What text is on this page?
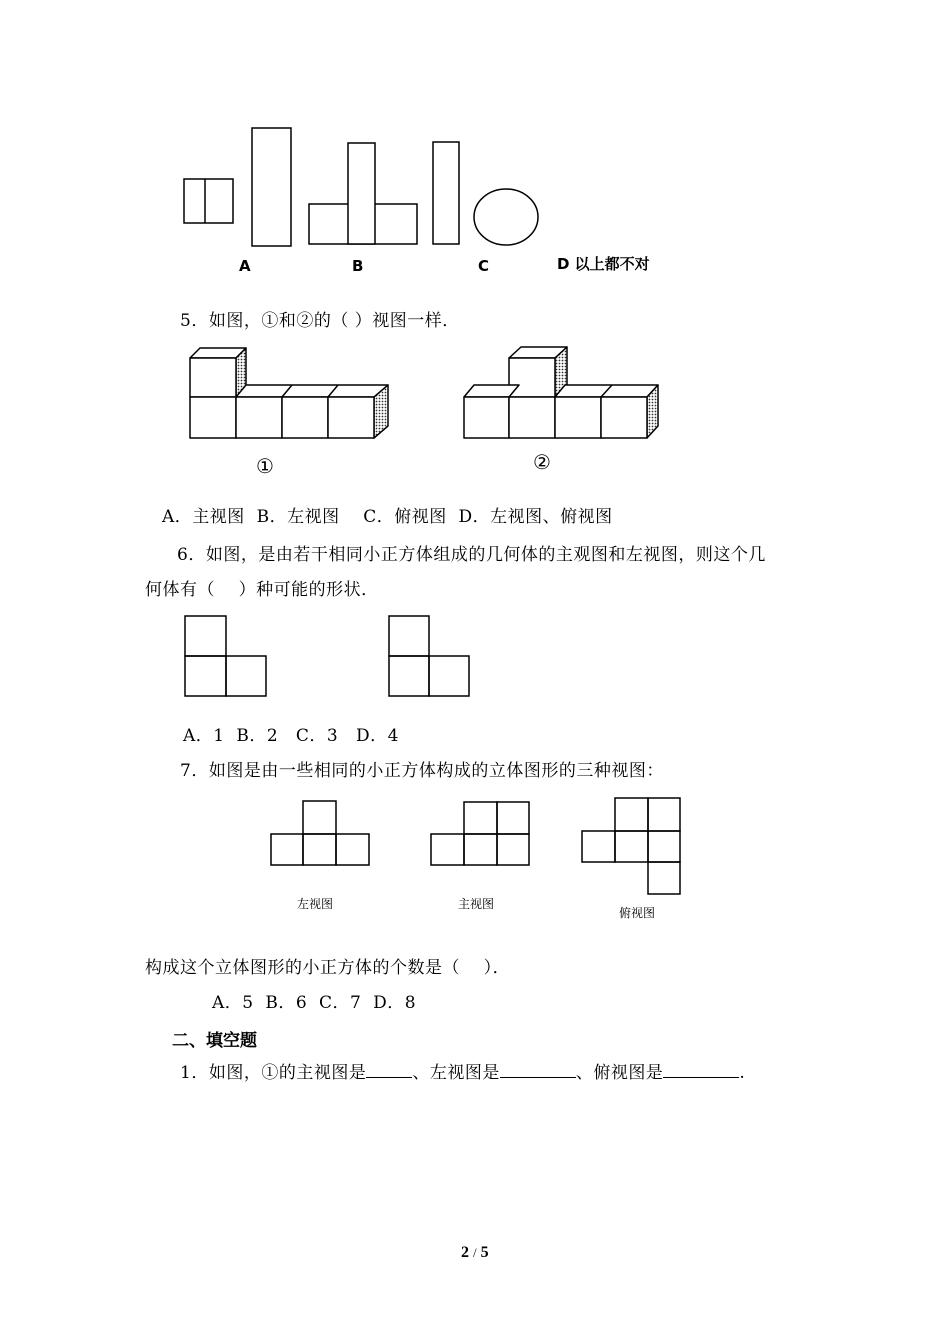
A	B	C	D 以上都不对
5．如图，①和②的（ ）视图一样．
①	②
A．主视图  B．左视图    C．俯视图  D．左视图、俯视图
6．如图，是由若干相同小正方体组成的几何体的主观图和左视图，则这个几
何体有（    ）种可能的形状．
A．1  B．2   C．3   D．4
7．如图是由一些相同的小正方体构成的立体图形的三种视图：
左视图	主视图
俯视图
构成这个立体图形的小正方体的个数是（    ）．
A．5  B．6  C．7  D．8
二、填空题
1．如图，①的主视图是	、左视图是	、俯视图是	.
2 / 5
